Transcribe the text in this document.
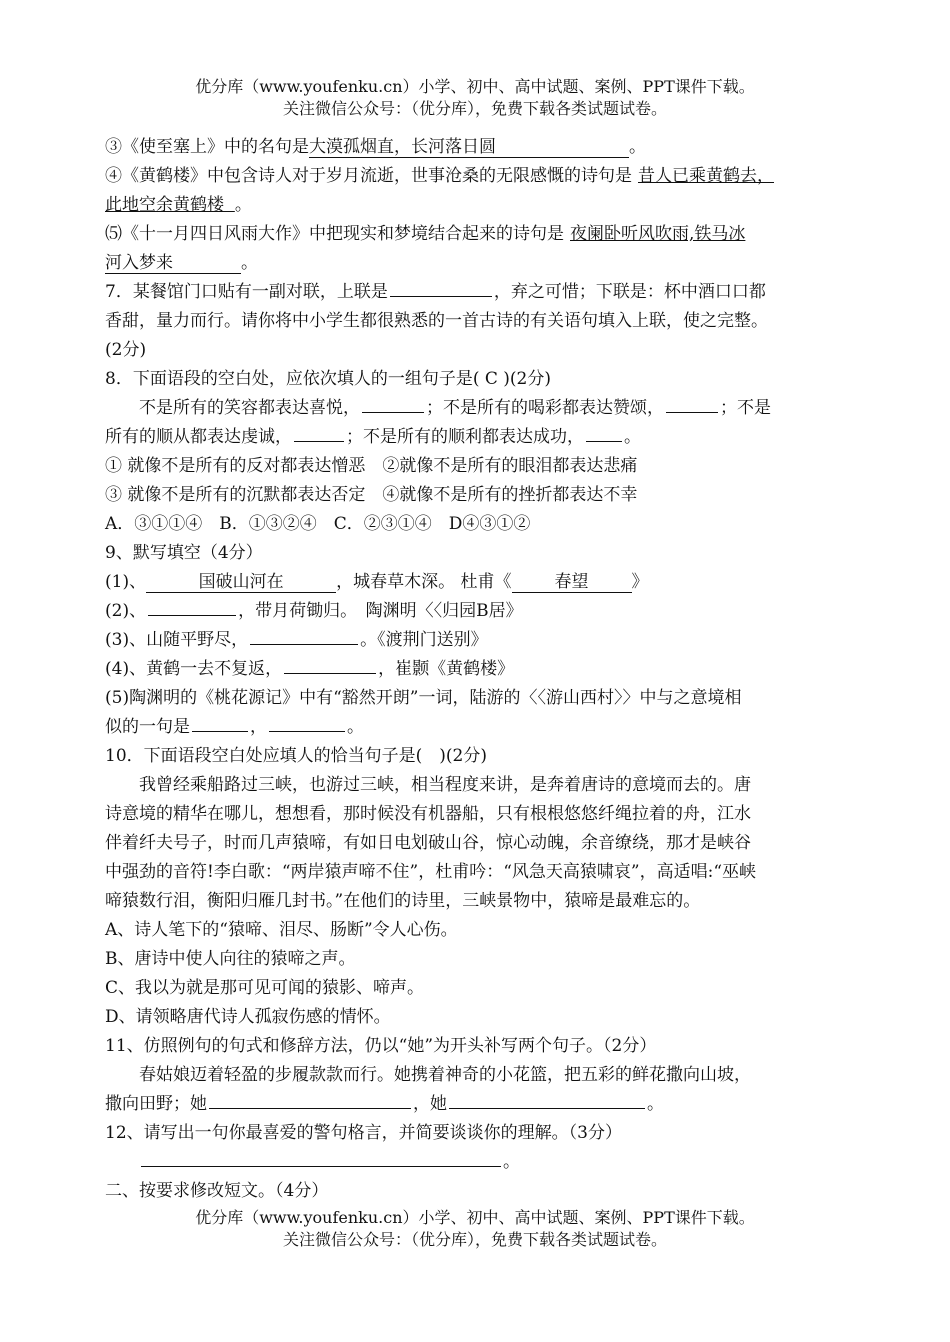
优分库（www.youfenku.cn）小学、初中、高中试题、案例、PPT课件下载。
关注微信公众号：（优分库），免费下载各类试题试卷。

③《使至塞上》中的名句是大漠孤烟直，长河落日圆	。

④《黄鹤楼》中包含诗人对于岁月流逝，世事沧桑的无限感慨的诗句是 昔人已乘黄鹤去，

此地空余黄鹤楼 。

⑸《十一月四日风雨大作》中把现实和梦境结合起来的诗句是 夜阑卧听风吹雨,铁马冰

河入梦来	。

7．某餐馆门口贴有一副对联，上联是	，弃之可惜；下联是：杯中酒口口都

香甜，量力而行。请你将中小学生都很熟悉的一首古诗的有关语句填入上联，使之完整。

(2分)

8．下面语段的空白处，应依次填人的一组句子是( C )(2分)

不是所有的笑容都表达喜悦，	；不是所有的喝彩都表达赞颂，	；不是

所有的顺从都表达虔诚，	；不是所有的顺利都表达成功， 。

① 就像不是所有的反对都表达憎恶　②就像不是所有的眼泪都表达悲痛

③ 就像不是所有的沉默都表达否定　④就像不是所有的挫折都表达不幸

A．③①①④　B．①③②④　C．②③①④　D④③①②

9、默写填空（4分）

(1)、	国破山河在	，城春草木深。 杜甫《	春望	》

(2)、	，带月荷锄归。　陶渊明〈〈归园B居》

(3)、山随平野尽，	。《渡荆门送别》

(4)、黄鹤一去不复返，	，崔颢《黄鹤楼》

(5)陶渊明的《桃花源记》中有“豁然开朗”一词，陆游的〈〈游山西村〉〉中与之意境相

似的一句是	，	。

10．下面语段空白处应填人的恰当句子是(　)(2分)

我曾经乘船路过三峡，也游过三峡，相当程度来讲，是奔着唐诗的意境而去的。唐

诗意境的精华在哪儿，想想看，那时候没有机器船，只有根根悠悠纤绳拉着的舟，江水

伴着纤夫号子，时而几声猿啼，有如日电划破山谷，惊心动魄，余音缭绕，那才是峡谷

中强劲的音符!李白歌：“两岸猿声啼不住”，杜甫吟：“风急天高猿啸哀”，高适唱:“巫峡

啼猿数行泪，衡阳归雁几封书。”在他们的诗里，三峡景物中，猿啼是最难忘的。

A、诗人笔下的“猿啼、泪尽、肠断”令人心伤。

B、唐诗中使人向往的猿啼之声。

C、我以为就是那可见可闻的猿影、啼声。

D、请领略唐代诗人孤寂伤感的情怀。

11、仿照例句的句式和修辞方法，仍以“她”为开头补写两个句子。（2分）

春姑娘迈着轻盈的步履款款而行。她携着神奇的小花篮，把五彩的鲜花撒向山坡，

撒向田野；她	，她	。

12、请写出一句你最喜爱的警句格言，并简要谈谈你的理解。（3分）

。

二、按要求修改短文。（4分）

优分库（www.youfenku.cn）小学、初中、高中试题、案例、PPT课件下载。
关注微信公众号：（优分库），免费下载各类试题试卷。
